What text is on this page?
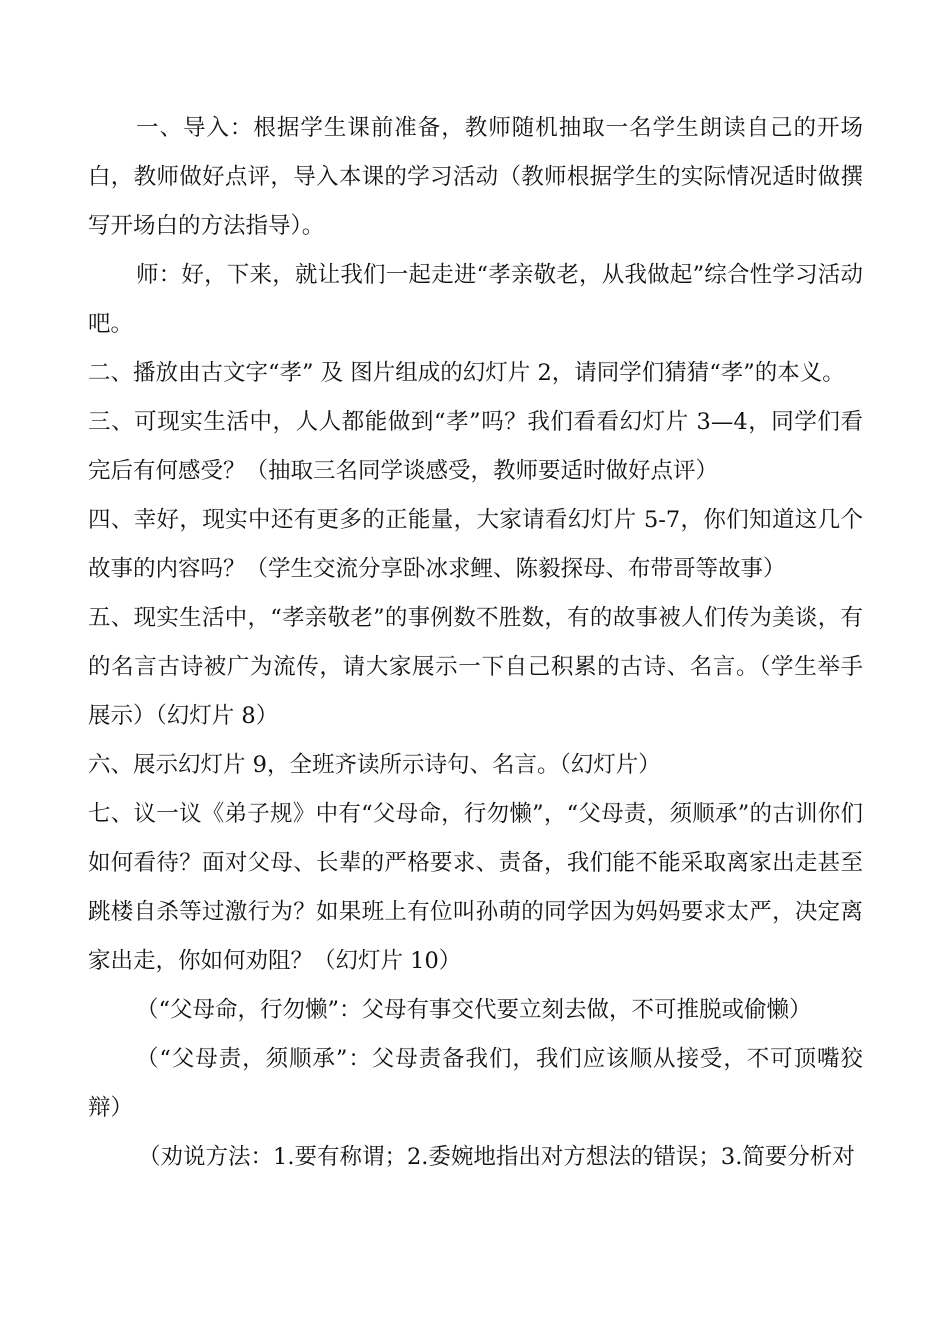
一、导入：根据学生课前准备，教师随机抽取一名学生朗读自己的开场白，教师做好点评，导入本课的学习活动（教师根据学生的实际情况适时做撰写开场白的方法指导）。

师：好，下来，就让我们一起走进“孝亲敬老，从我做起”综合性学习活动吧。

二、播放由古文字“孝” 及 图片组成的幻灯片 2，请同学们猜猜“孝”的本义。

三、可现实生活中，人人都能做到“孝”吗？我们看看幻灯片 3—4，同学们看完后有何感受？（抽取三名同学谈感受，教师要适时做好点评）

四、幸好，现实中还有更多的正能量，大家请看幻灯片 5-7，你们知道这几个故事的内容吗？（学生交流分享卧冰求鲤、陈毅探母、布带哥等故事）

五、现实生活中，“孝亲敬老”的事例数不胜数，有的故事被人们传为美谈，有的名言古诗被广为流传，请大家展示一下自己积累的古诗、名言。（学生举手展示）（幻灯片 8）

六、展示幻灯片 9，全班齐读所示诗句、名言。（幻灯片）

七、议一议《弟子规》中有“父母命，行勿懒”，“父母责，须顺承”的古训你们如何看待？面对父母、长辈的严格要求、责备，我们能不能采取离家出走甚至跳楼自杀等过激行为？如果班上有位叫孙萌的同学因为妈妈要求太严，决定离家出走，你如何劝阻？（幻灯片 10）

（“父母命，行勿懒”：父母有事交代要立刻去做，不可推脱或偷懒）

（“父母责，须顺承”：父母责备我们，我们应该顺从接受，不可顶嘴狡辩）

（劝说方法：1.要有称谓；2.委婉地指出对方想法的错误；3.简要分析对
